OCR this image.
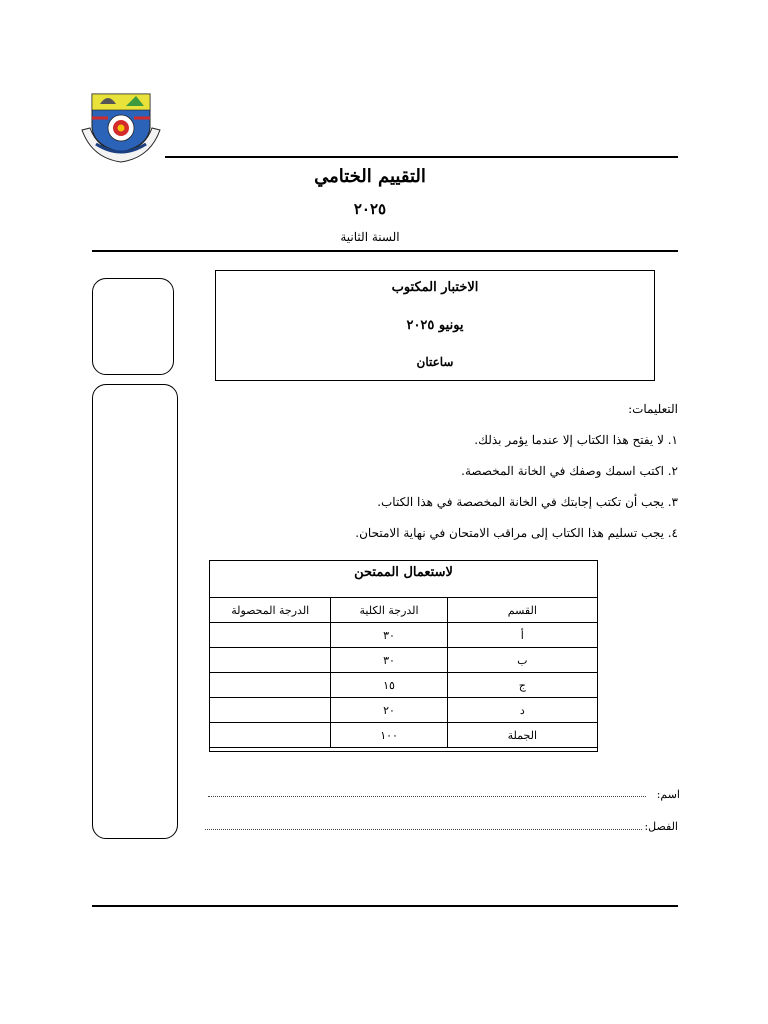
التقييم الختامي
٢٠٢٥
السنة الثانية
الاختبار المكتوب
يونيو ٢٠٢٥
ساعتان
التعليمات:
١. لا يفتح هذا الكتاب إلا عندما يؤمر بذلك.
٢. اكتب اسمك وصفك في الخانة المخصصة.
٣. يجب أن تكتب إجابتك في الخانة المخصصة في هذا الكتاب.
٤. يجب تسليم هذا الكتاب إلى مراقب الامتحان في نهاية الامتحان.
لاستعمال الممتحن
القسم	الدرجة الكلية	الدرجة المحصولة
أ	٣٠	
ب	٣٠	
ج	١٥	
د	٢٠	
الجملة	١٠٠	
اسم:
الفصل:
